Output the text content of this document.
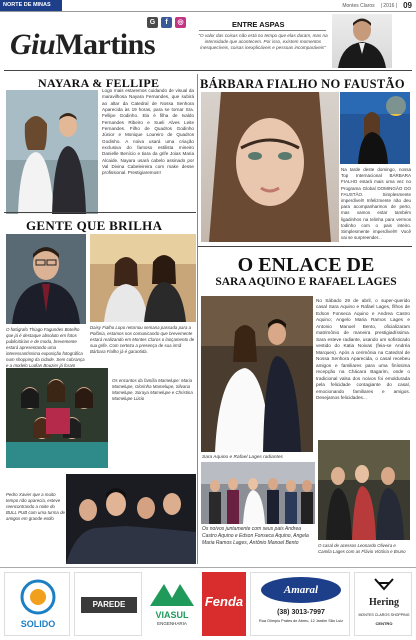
NORTE DE MINAS	Montes Claros | 2016 | 09
GiuMartins
G	f	◎	ENTRE ASPAS
"O valor das coisas não está no tempo que elas duram, mas na intensidade que acontecem. Por isso, existem momentos inesquecíveis, coisas inexplicáveis e pessoas incomparáveis"
NAYARA & FELLIPE
Logo mais estaremos cuidando de visual da maravilhosa Nayara Fernandes, que subirá ao altar da Catedral de Nossa Senhora Aparecida às 19 horas, para se tornar Sra. Fellipe Godinho. Ela é filha de Ivaldo Fernandes Ribeiro e Sueli Alves Leite Fernandes. Filho de Quadros Godinho Júnior e Monique Loureiro de Quadros Godinho. A noiva usará uma criação exclusiva do famoso estilista mineiro Danielle Benício e tiara da grife Joias Maria Alcaide. Nayara usará cabelo assinado por Val Divina Cabeleireira com make desse profissional. Prestigiaremos!!
BÁRBARA FIALHO NO FAUSTÃO
Na tarde deste domingo, nossa Top Internacional BÁRBARA FIALHO estará mais uma vez no Programa Global DOMINGÃO DO FAUSTÃO. Simplesmente imperdível!! Infelizmente não deu para acompanharmos de perto, mas vamos estar também ligadinhos na telinha para vermos todinho com o pais inteiro. Simplesmente imperdível!!! Você vai se surpreender...
GENTE QUE BRILHA
O fotógrafo Thiago Fagundes Botelho que já é destaque absoluto em fotos publicitárias e de moda, brevemente estará apresentando uma interessantíssima exposição fotográfica num shopping da cidade. Sem cobrança e a modelo Ludian Bouzier já foram
Daisy Fialho Lopo retornou semana passada para a Polônia, estamos nos comunicando que brevemente estará realizando em Montes Claros o lançamento de sua grife. Com certeza a presença de sua irmã Bárbara Fialho já é garantida.
Os encantos da família Mamelupe: Maria Mamelupe, Glorinha Mamelupe, Silvana Mamelupe, Soraya Mamelupe e Christina Mamelupe Lúcio
Pedro Xavier que a muito tempo não aparecia, esteve reencontrando a noite do BULL PUB com uma turma de amigos em grande estilo
O ENLACE DE
SARA AQUINO E RAFAEL LAGES
No Sábado 29 de abril, o super-querido casal Sara Aquino e Rafael Lages, filhos de Edson Fonseca Aquino e Andrea Castro Aquino; Angelo Maria Ramos Lages e Antonio Manoel Bento, oficializaram matrimônio de maneira prestigiadíssima. Sara esteve radiante, usando um sofisticado vestido do Katia Noivas (feia-se Andréa Marques). Após a cerimônia na Catedral de Nossa Senhora Aparecida, o casal recebeu amigos e familiares para uma finíssima recepção na Chácara Bagarim, onde o tradicional valsa dos noivos foi emoldurada pela felicidade contagiante do casal, emocionando familiares e amigos. Desejamos felicidades...
Sara Aquino e Rafael Lages radiantes
Os noivos juntamente com seus pais Andrea Castro Aquino e Edson Fonseca Aquino, Angela Maria Ramos Lages, Antônio Manoel Bento	O casal de acessos Leonardo Oliveira e Camila Lages com as Flávio Victória e Bruno
SOLIDO
PAREDE
VIASUL
ENGENHARIA
Fenda
Amaral
(38) 3013-7997
Rua Olímpio Prates de Abreu, 12 Jardim São Luiz
Hering
MONTES CLAROS SHOPPING
CENTRO
